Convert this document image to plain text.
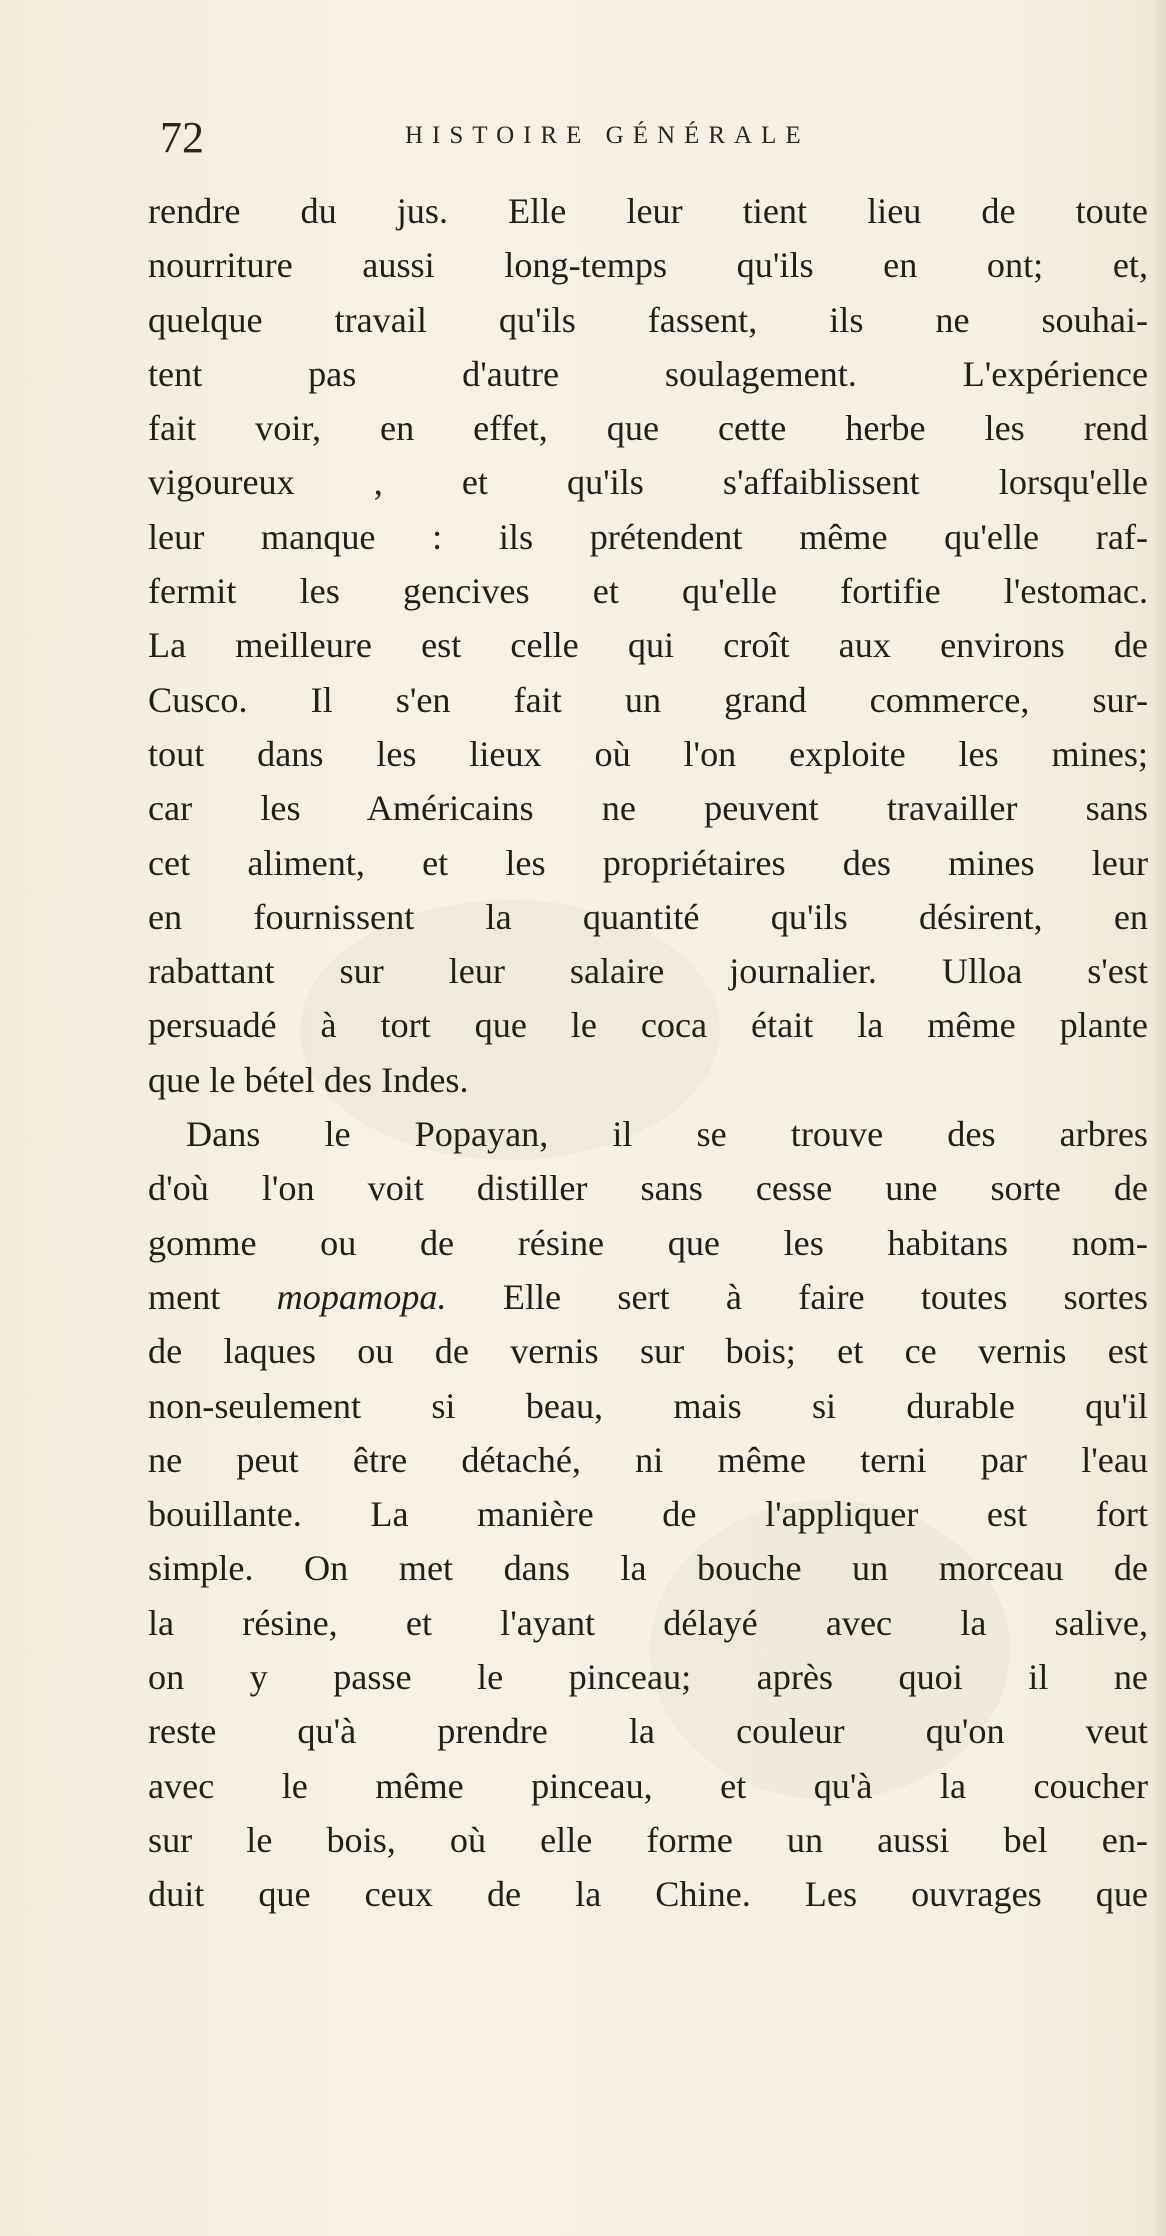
72	HISTOIRE GÉNÉRALE
rendre du jus. Elle leur tient lieu de toute
nourriture aussi long-temps qu'ils en ont; et,
quelque travail qu'ils fassent, ils ne souhai-
tent pas d'autre soulagement. L'expérience
fait voir, en effet, que cette herbe les rend
vigoureux , et qu'ils s'affaiblissent lorsqu'elle
leur manque : ils prétendent même qu'elle raf-
fermit les gencives et qu'elle fortifie l'estomac.
La meilleure est celle qui croît aux environs de
Cusco. Il s'en fait un grand commerce, sur-
tout dans les lieux où l'on exploite les mines;
car les Américains ne peuvent travailler sans
cet aliment, et les propriétaires des mines leur
en fournissent la quantité qu'ils désirent, en
rabattant sur leur salaire journalier. Ulloa s'est
persuadé à tort que le coca était la même plante
que le bétel des Indes.
Dans le Popayan, il se trouve des arbres
d'où l'on voit distiller sans cesse une sorte de
gomme ou de résine que les habitans nom-
ment mopamopa. Elle sert à faire toutes sortes
de laques ou de vernis sur bois; et ce vernis est
non-seulement si beau, mais si durable qu'il
ne peut être détaché, ni même terni par l'eau
bouillante. La manière de l'appliquer est fort
simple. On met dans la bouche un morceau de
la résine, et l'ayant délayé avec la salive,
on y passe le pinceau; après quoi il ne
reste qu'à prendre la couleur qu'on veut
avec le même pinceau, et qu'à la coucher
sur le bois, où elle forme un aussi bel en-
duit que ceux de la Chine. Les ouvrages que
